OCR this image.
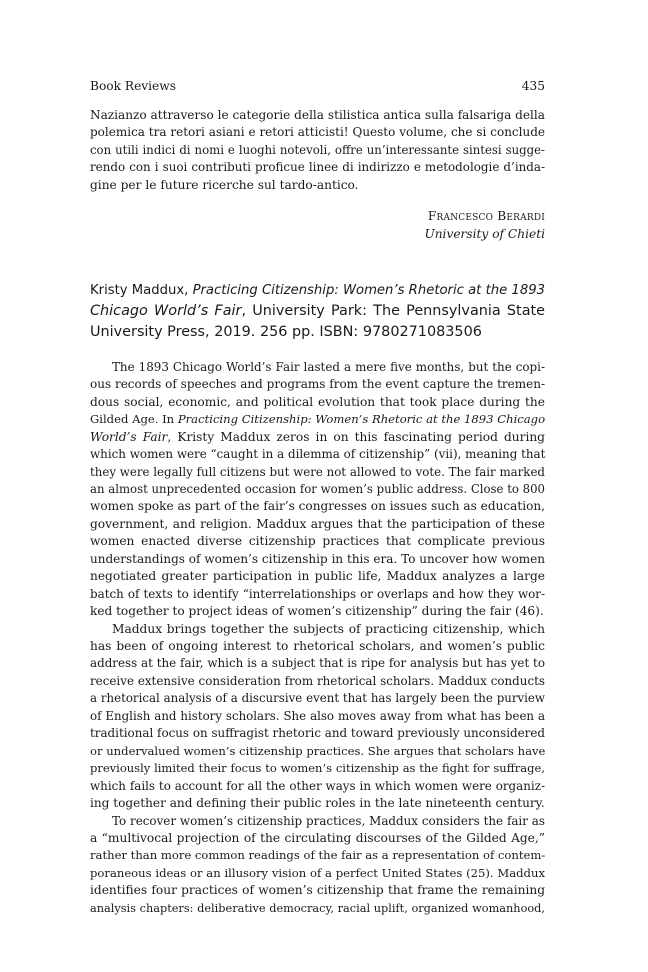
Book Reviews	435
Nazianzo attraverso le categorie della stilistica antica sulla falsariga della
polemica tra retori asiani e retori atticisti! Questo volume, che si conclude
con utili indici di nomi e luoghi notevoli, offre un’interessante sintesi sugge-
rendo con i suoi contributi proficue linee di indirizzo e metodologie d’inda-
gine per le future ricerche sul tardo-antico.
Francesco Berardi
University of Chieti
Kristy Maddux, Practicing Citizenship: Women’s Rhetoric at the 1893
Chicago World’s Fair, University Park: The Pennsylvania State
University Press, 2019. 256 pp. ISBN: 9780271083506
The 1893 Chicago World’s Fair lasted a mere five months, but the copi-
ous records of speeches and programs from the event capture the tremen-
dous social, economic, and political evolution that took place during the
Gilded Age. In Practicing Citizenship: Women’s Rhetoric at the 1893 Chicago
World’s Fair, Kristy Maddux zeros in on this fascinating period during
which women were “caught in a dilemma of citizenship” (vii), meaning that
they were legally full citizens but were not allowed to vote. The fair marked
an almost unprecedented occasion for women’s public address. Close to 800
women spoke as part of the fair’s congresses on issues such as education,
government, and religion. Maddux argues that the participation of these
women enacted diverse citizenship practices that complicate previous
understandings of women’s citizenship in this era. To uncover how women
negotiated greater participation in public life, Maddux analyzes a large
batch of texts to identify “interrelationships or overlaps and how they wor-
ked together to project ideas of women’s citizenship” during the fair (46).
Maddux brings together the subjects of practicing citizenship, which
has been of ongoing interest to rhetorical scholars, and women’s public
address at the fair, which is a subject that is ripe for analysis but has yet to
receive extensive consideration from rhetorical scholars. Maddux conducts
a rhetorical analysis of a discursive event that has largely been the purview
of English and history scholars. She also moves away from what has been a
traditional focus on suffragist rhetoric and toward previously unconsidered
or undervalued women’s citizenship practices. She argues that scholars have
previously limited their focus to women’s citizenship as the fight for suffrage,
which fails to account for all the other ways in which women were organiz-
ing together and defining their public roles in the late nineteenth century.
To recover women’s citizenship practices, Maddux considers the fair as
a “multivocal projection of the circulating discourses of the Gilded Age,”
rather than more common readings of the fair as a representation of contem-
poraneous ideas or an illusory vision of a perfect United States (25). Maddux
identifies four practices of women’s citizenship that frame the remaining
analysis chapters: deliberative democracy, racial uplift, organized womanhood,
